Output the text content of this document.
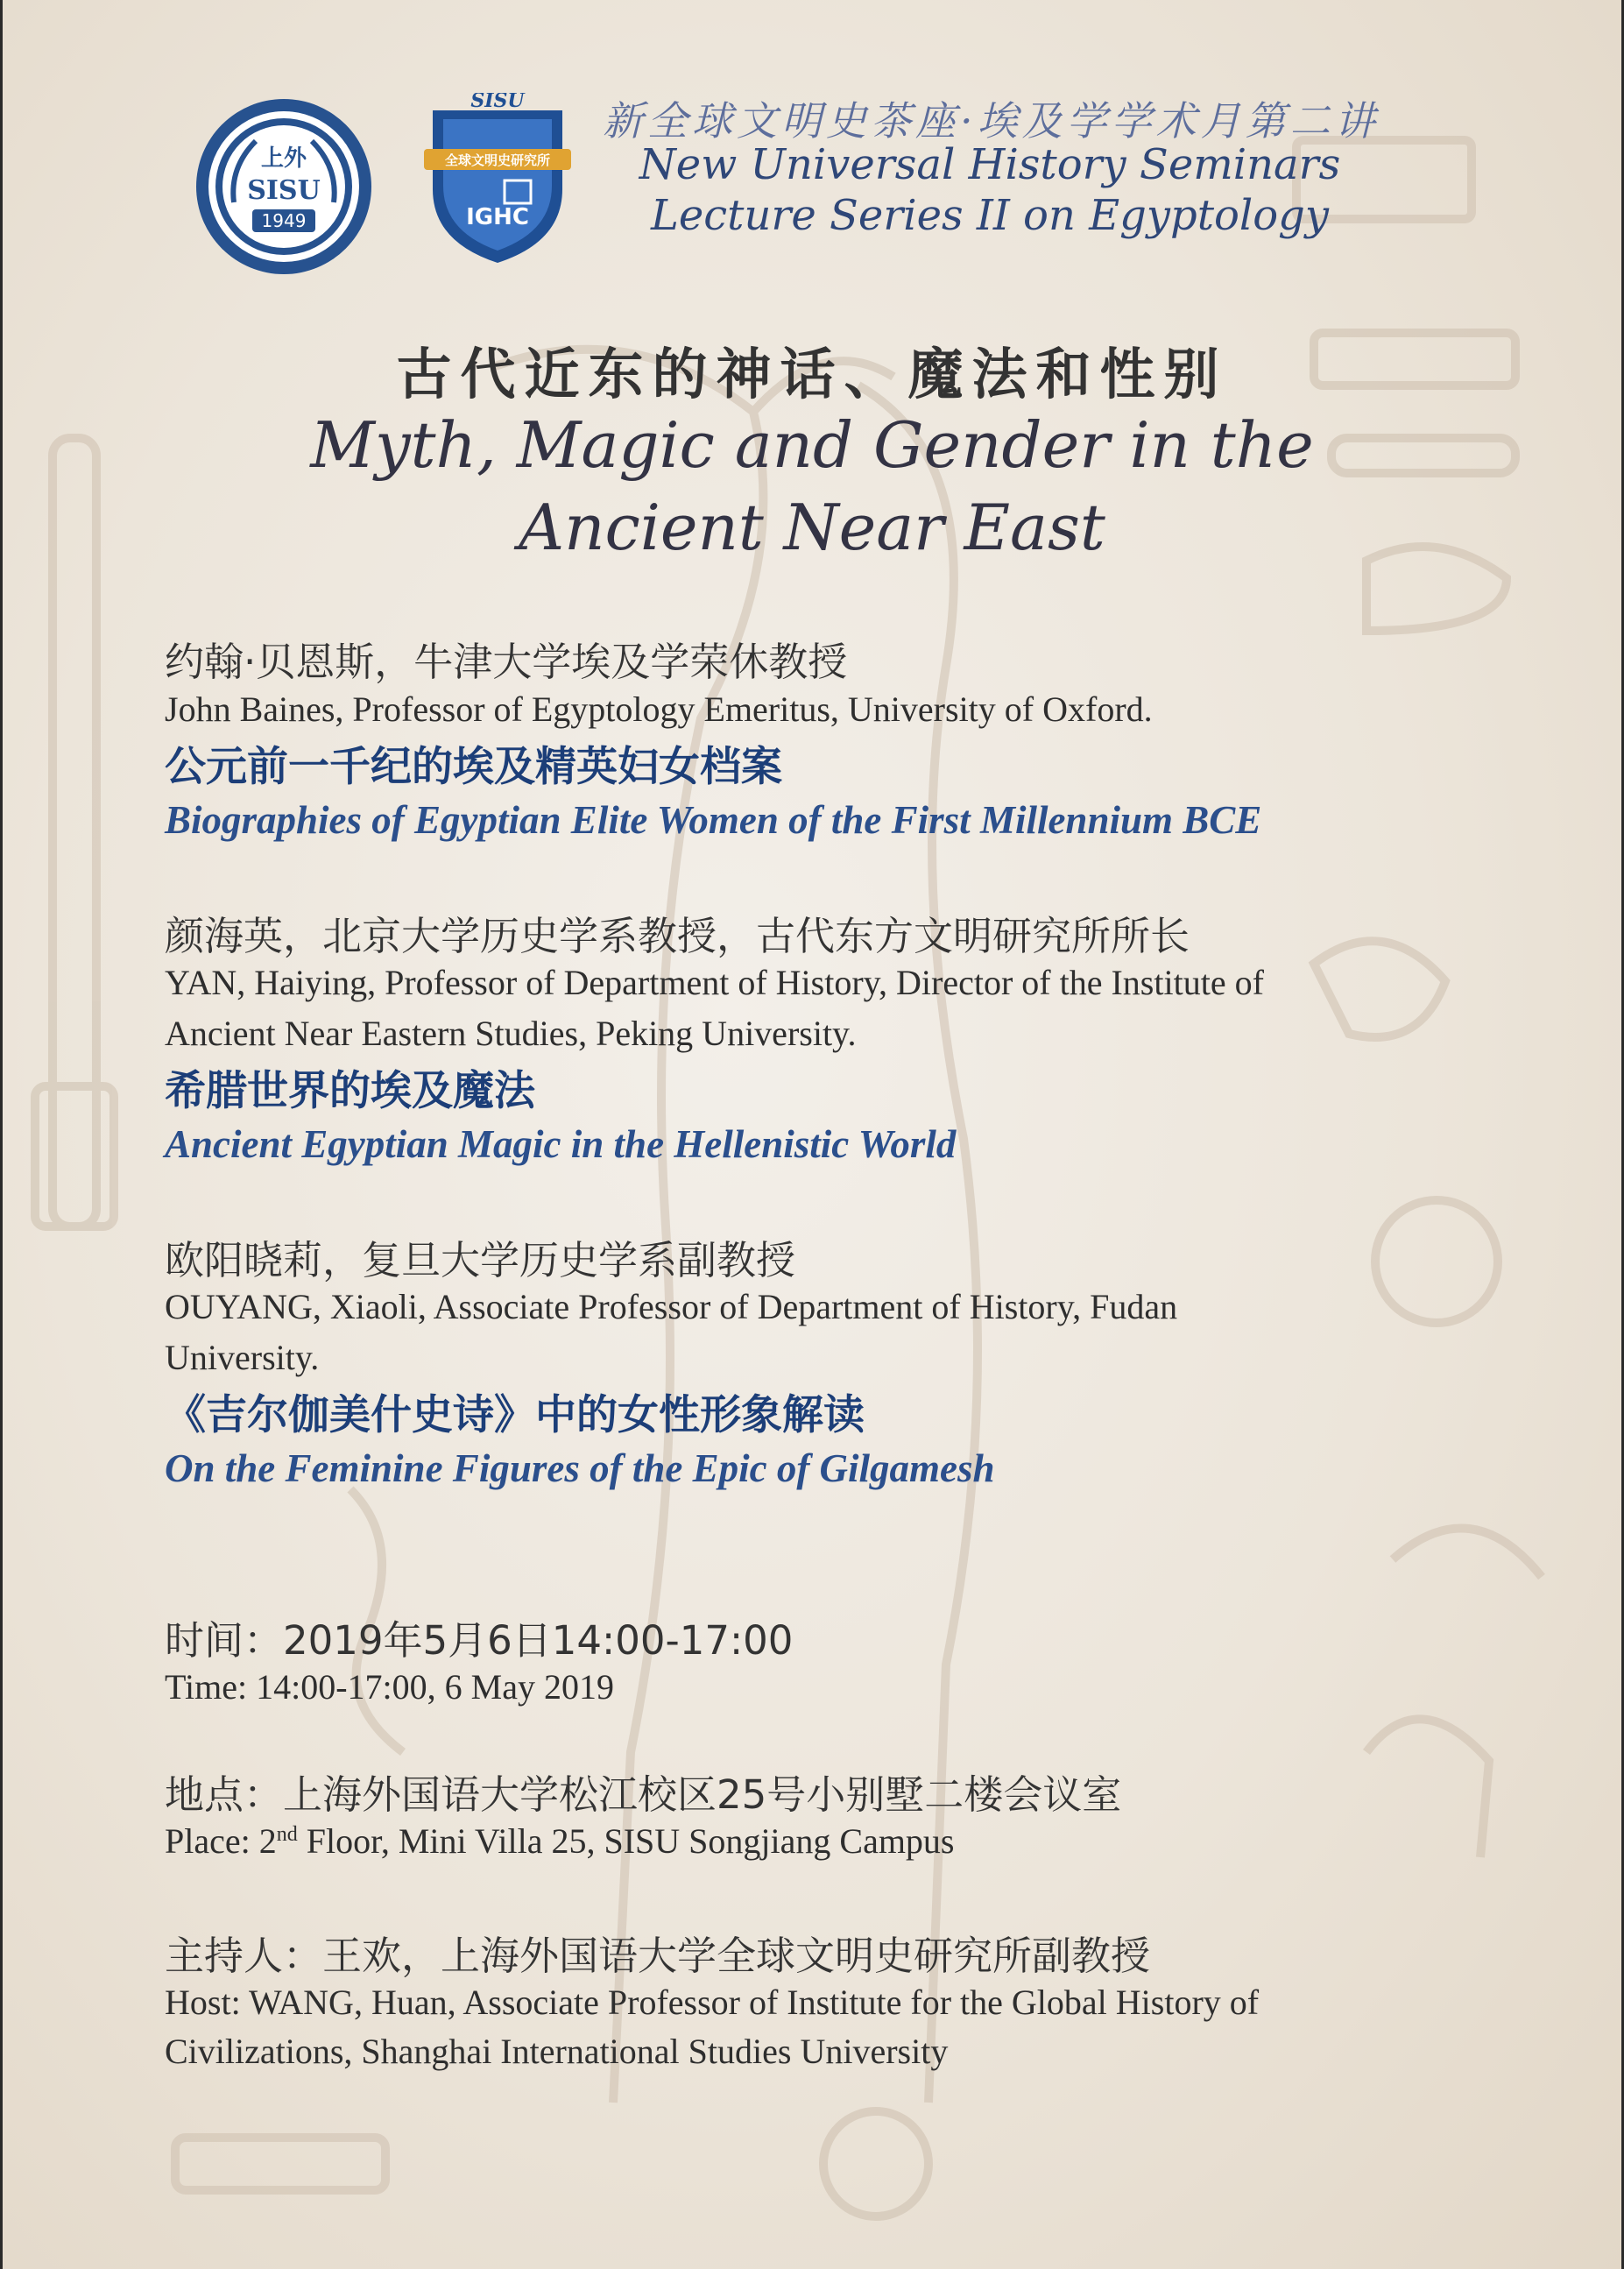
上外
SISU
1949
SISU
全球文明史研究所
IGHC

新全球文明史茶座·埃及学学术月第二讲

New Universal History Seminars

Lecture Series II on Egyptology

古代近东的神话、魔法和性别

Myth, Magic and Gender in the

Ancient Near East

约翰·贝恩斯，牛津大学埃及学荣休教授

John Baines, Professor of Egyptology Emeritus, University of Oxford.

公元前一千纪的埃及精英妇女档案

Biographies of Egyptian Elite Women of the First Millennium BCE

颜海英，北京大学历史学系教授，古代东方文明研究所所长

YAN, Haiying, Professor of Department of History, Director of the Institute of

Ancient Near Eastern Studies, Peking University.

希腊世界的埃及魔法

Ancient Egyptian Magic in the Hellenistic World

欧阳晓莉，复旦大学历史学系副教授

OUYANG, Xiaoli, Associate Professor of Department of History, Fudan

University.

《吉尔伽美什史诗》中的女性形象解读

On the Feminine Figures of the Epic of Gilgamesh

时间：2019年5月6日14:00-17:00

Time: 14:00-17:00, 6 May 2019

地点：上海外国语大学松江校区25号小别墅二楼会议室

Place: 2nd Floor, Mini Villa 25, SISU Songjiang Campus

主持人：王欢，上海外国语大学全球文明史研究所副教授

Host: WANG, Huan, Associate Professor of Institute for the Global History of

Civilizations, Shanghai International Studies University
